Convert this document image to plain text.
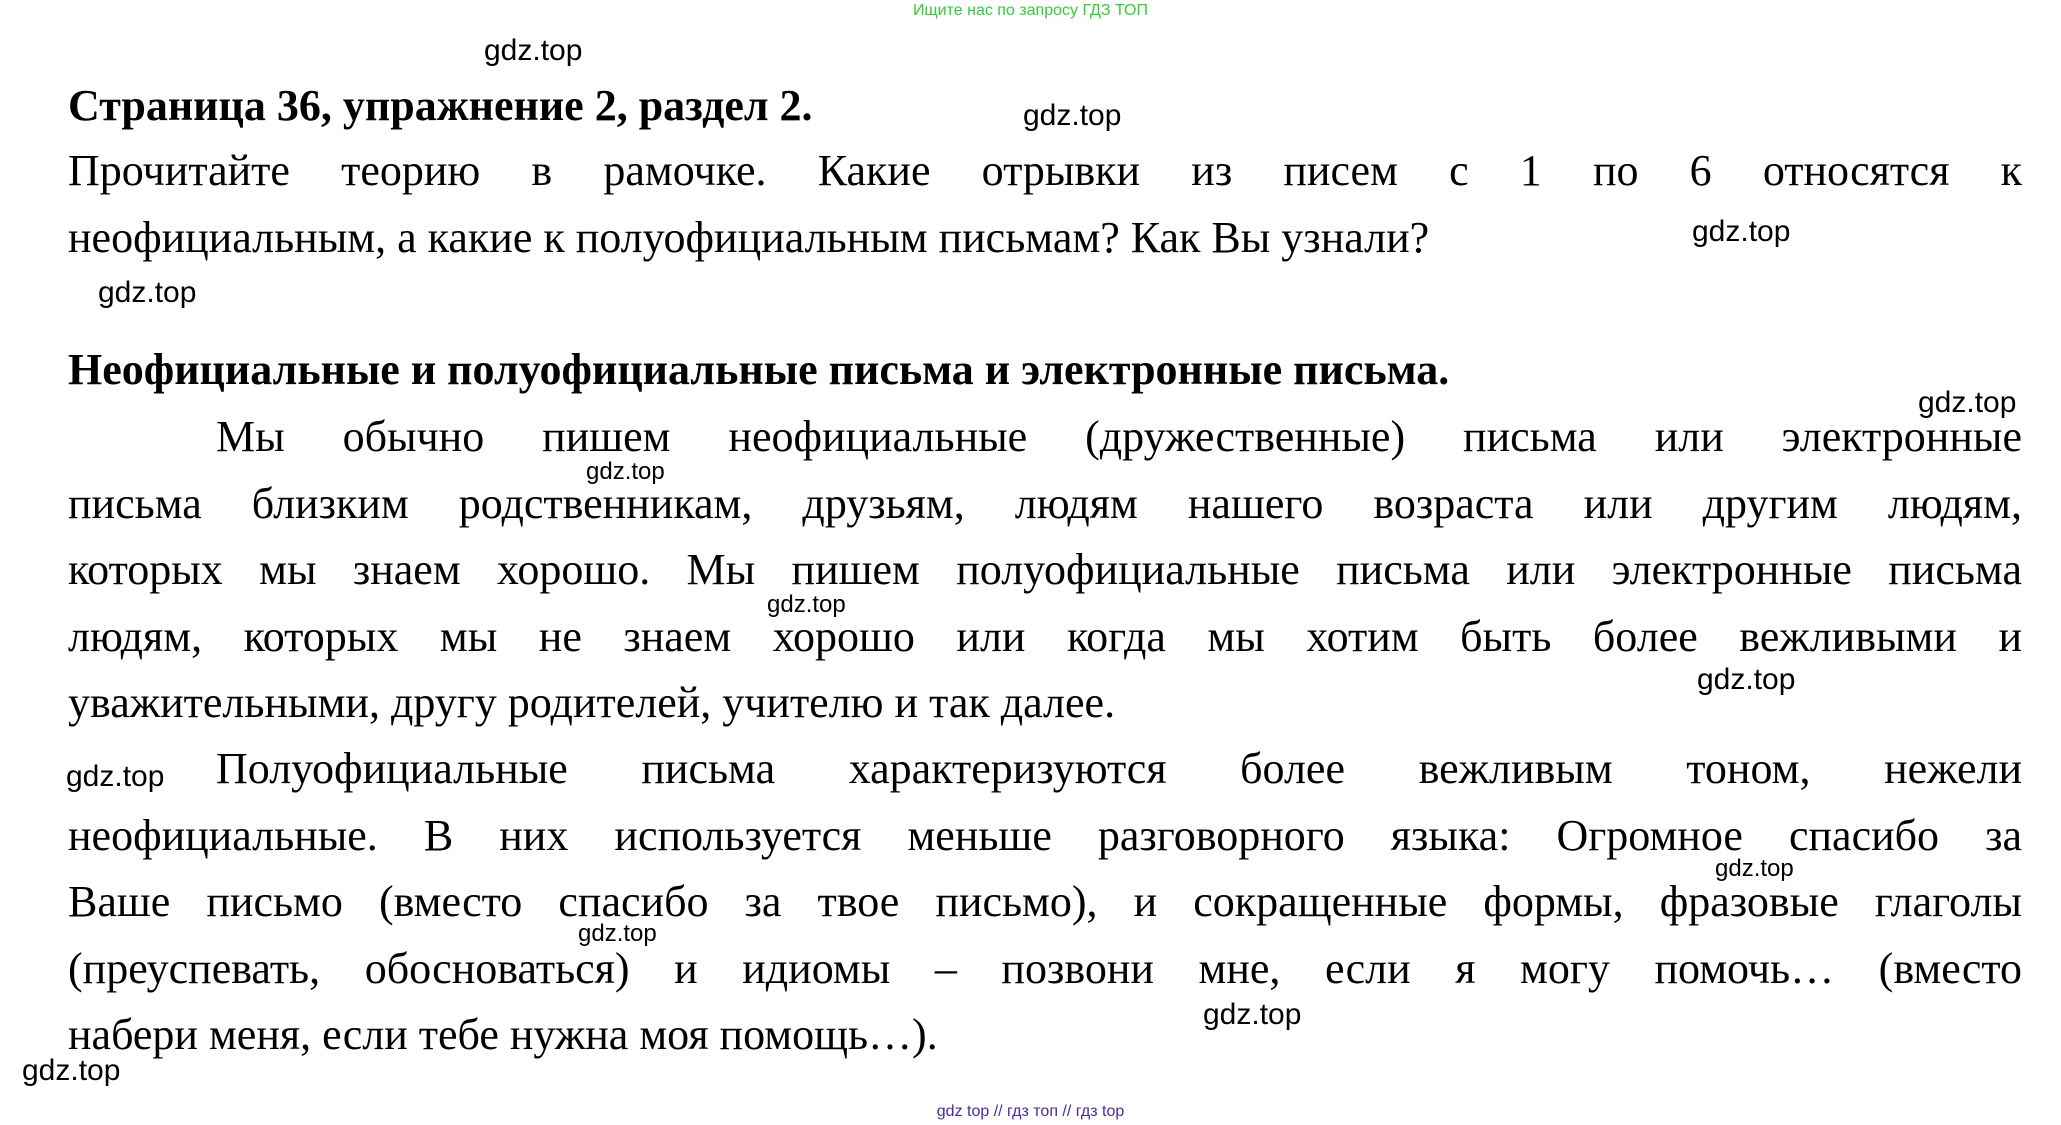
Ищите нас по запросу ГДЗ ТОП
Страница 36, упражнение 2, раздел 2.
Прочитайте теорию в рамочке. Какие отрывки из писем с 1 по 6 относятся к
неофициальным, а какие к полуофициальным письмам? Как Вы узнали?
Неофициальные и полуофициальные письма и электронные письма.
Мы обычно пишем неофициальные (дружественные) письма или электронные
письма близким родственникам, друзьям, людям нашего возраста или другим людям,
которых мы знаем хорошо. Мы пишем полуофициальные письма или электронные письма
людям, которых мы не знаем хорошо или когда мы хотим быть более вежливыми и
уважительными, другу родителей, учителю и так далее.
Полуофициальные письма характеризуются более вежливым тоном, нежели
неофициальные. В них используется меньше разговорного языка: Огромное спасибо за
Ваше письмо (вместо спасибо за твое письмо), и сокращенные формы, фразовые глаголы
(преуспевать, обосноваться) и идиомы – позвони мне, если я могу помочь… (вместо
набери меня, если тебе нужна моя помощь…).
gdz.top
gdz.top
gdz.top
gdz.top
gdz.top
gdz.top
gdz.top
gdz.top
gdz.top
gdz.top
gdz.top
gdz.top
gdz.top
gdz top // гдз топ // гдз top
